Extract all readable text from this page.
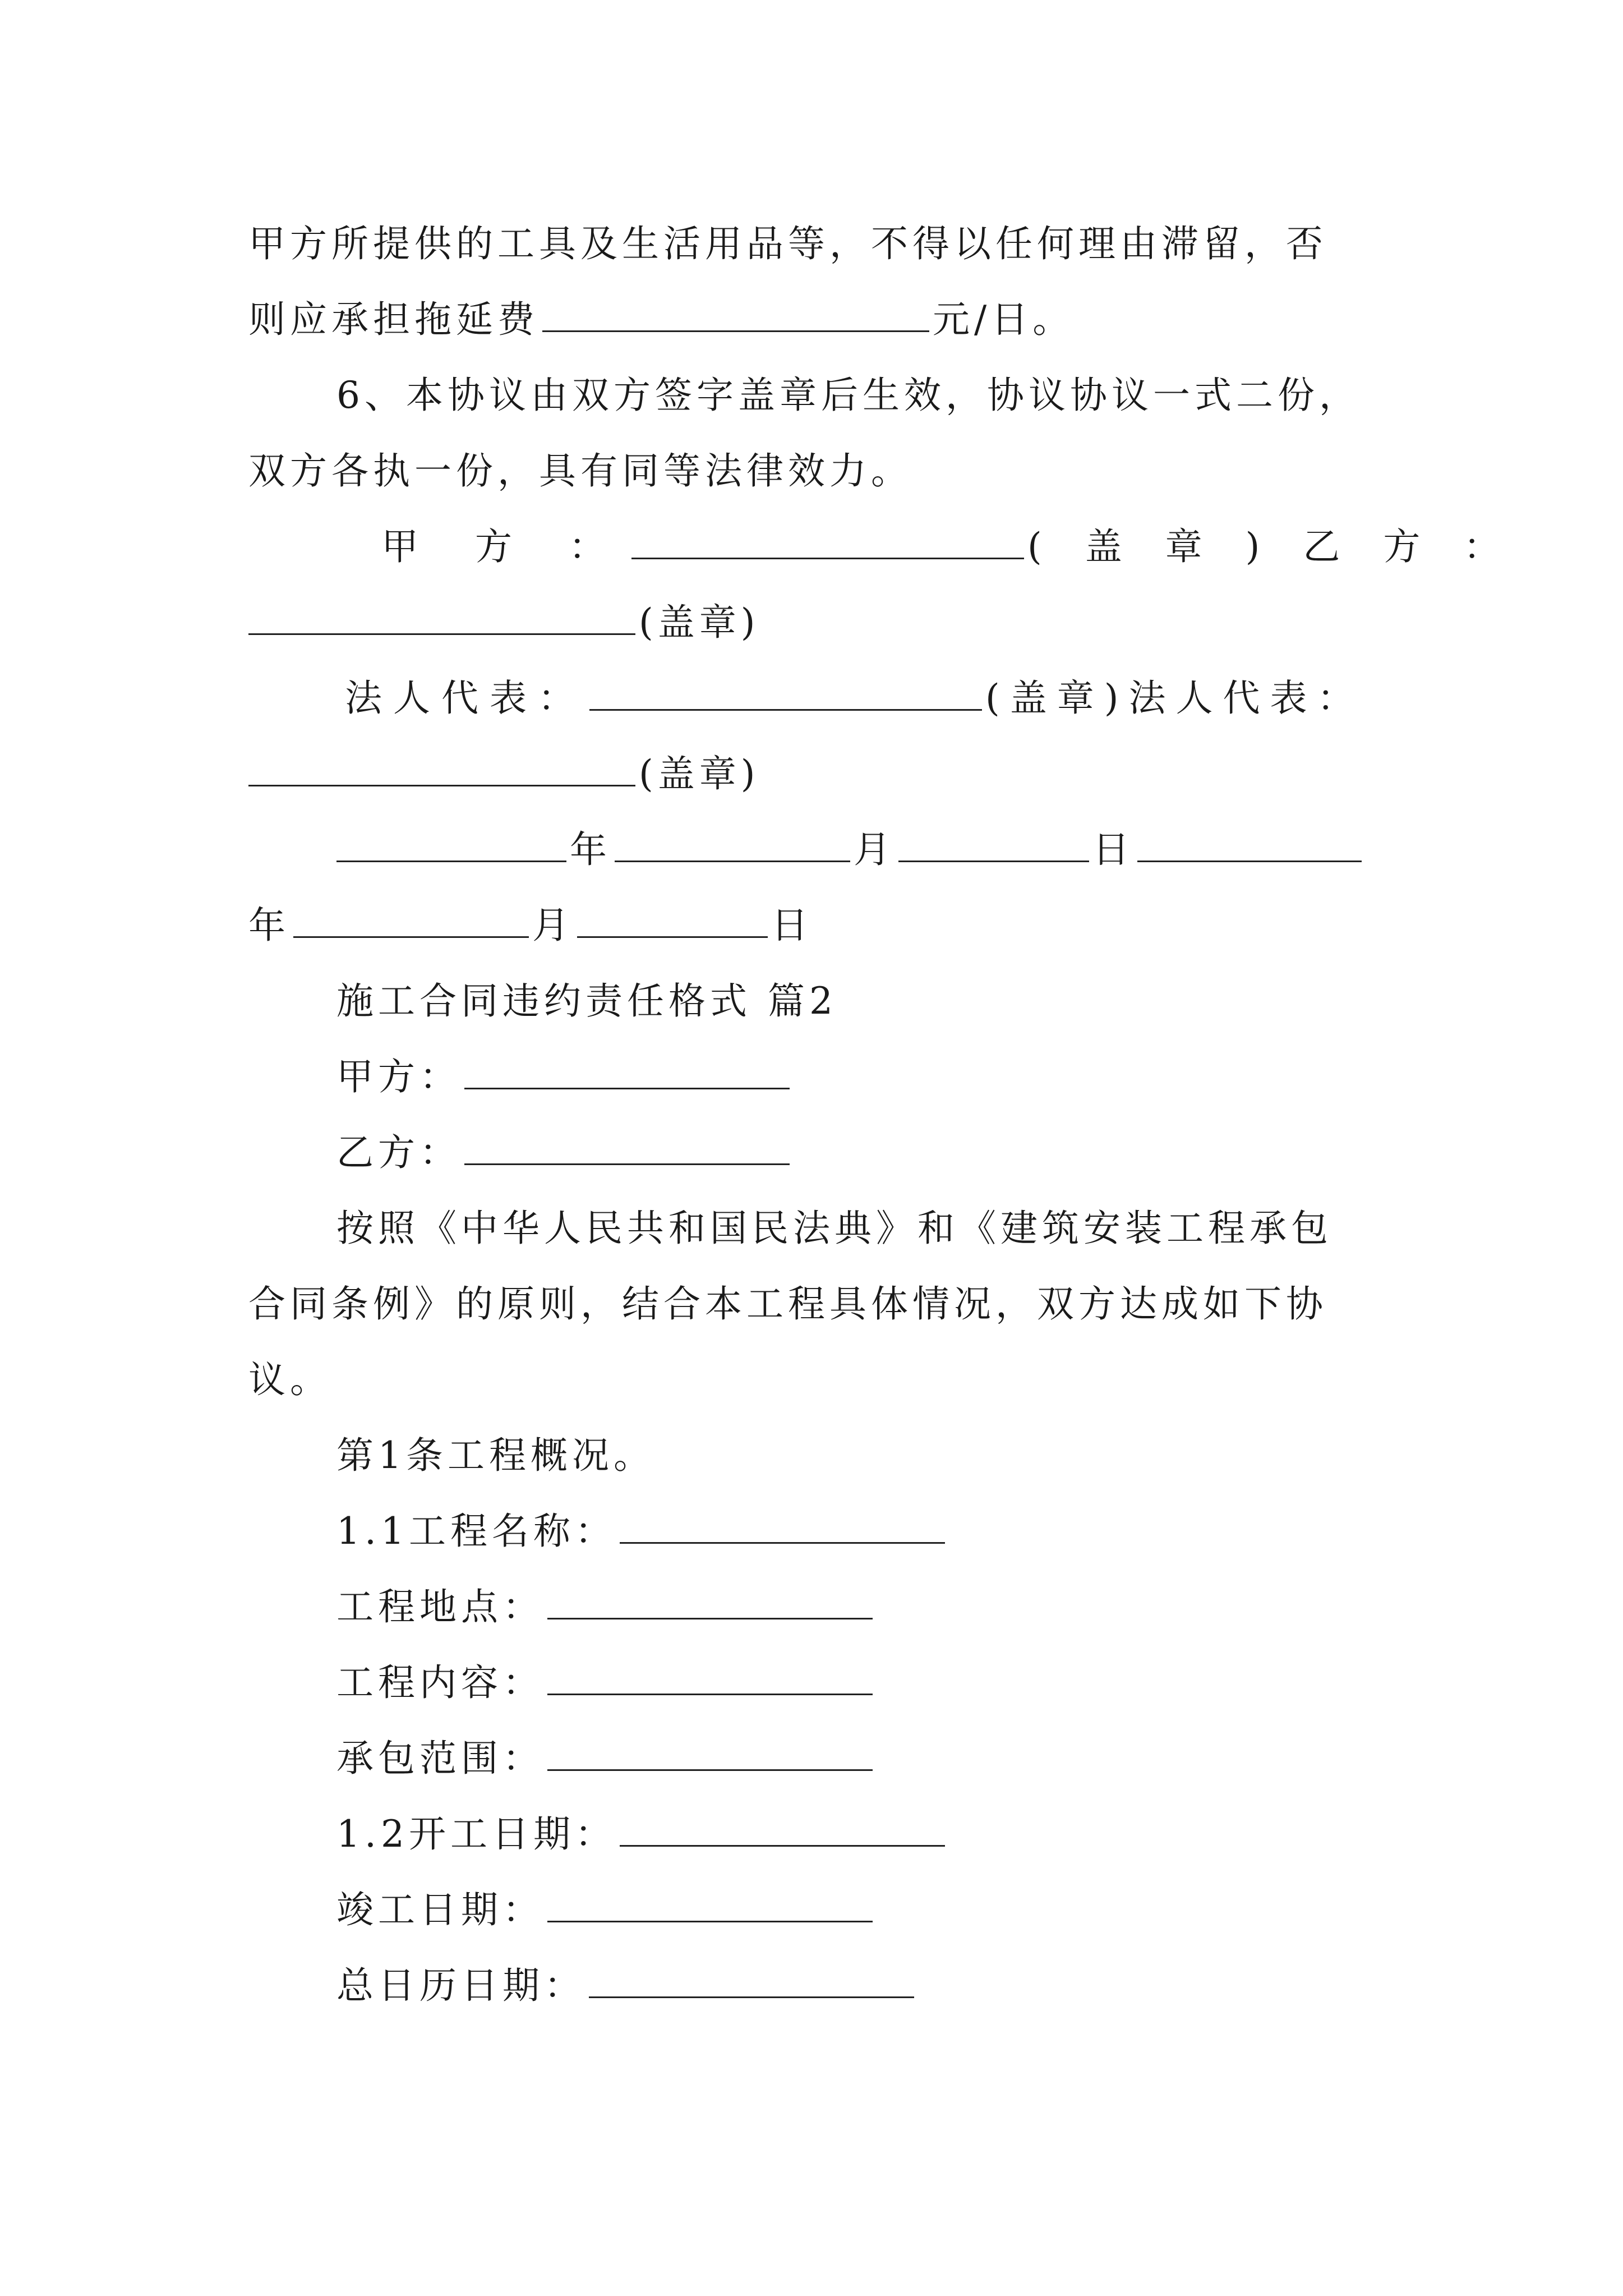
甲方所提供的工具及生活用品等，不得以任何理由滞留，否
则应承担拖延费	元/日。
6、本协议由双方签字盖章后生效，协议协议一式二份，
双方各执一份，具有同等法律效力。
甲 方 ：	( 盖 章 ) 乙 方 ：
(盖章)
法人代表：	(盖章)法人代表：
(盖章)
年	月	日
年	月	日
施工合同违约责任格式 篇2
甲方：
乙方：
按照《中华人民共和国民法典》和《建筑安装工程承包
合同条例》的原则，结合本工程具体情况，双方达成如下协
议。
第1条工程概况。
1.1工程名称：
工程地点：
工程内容：
承包范围：
1.2开工日期：
竣工日期：
总日历日期：
